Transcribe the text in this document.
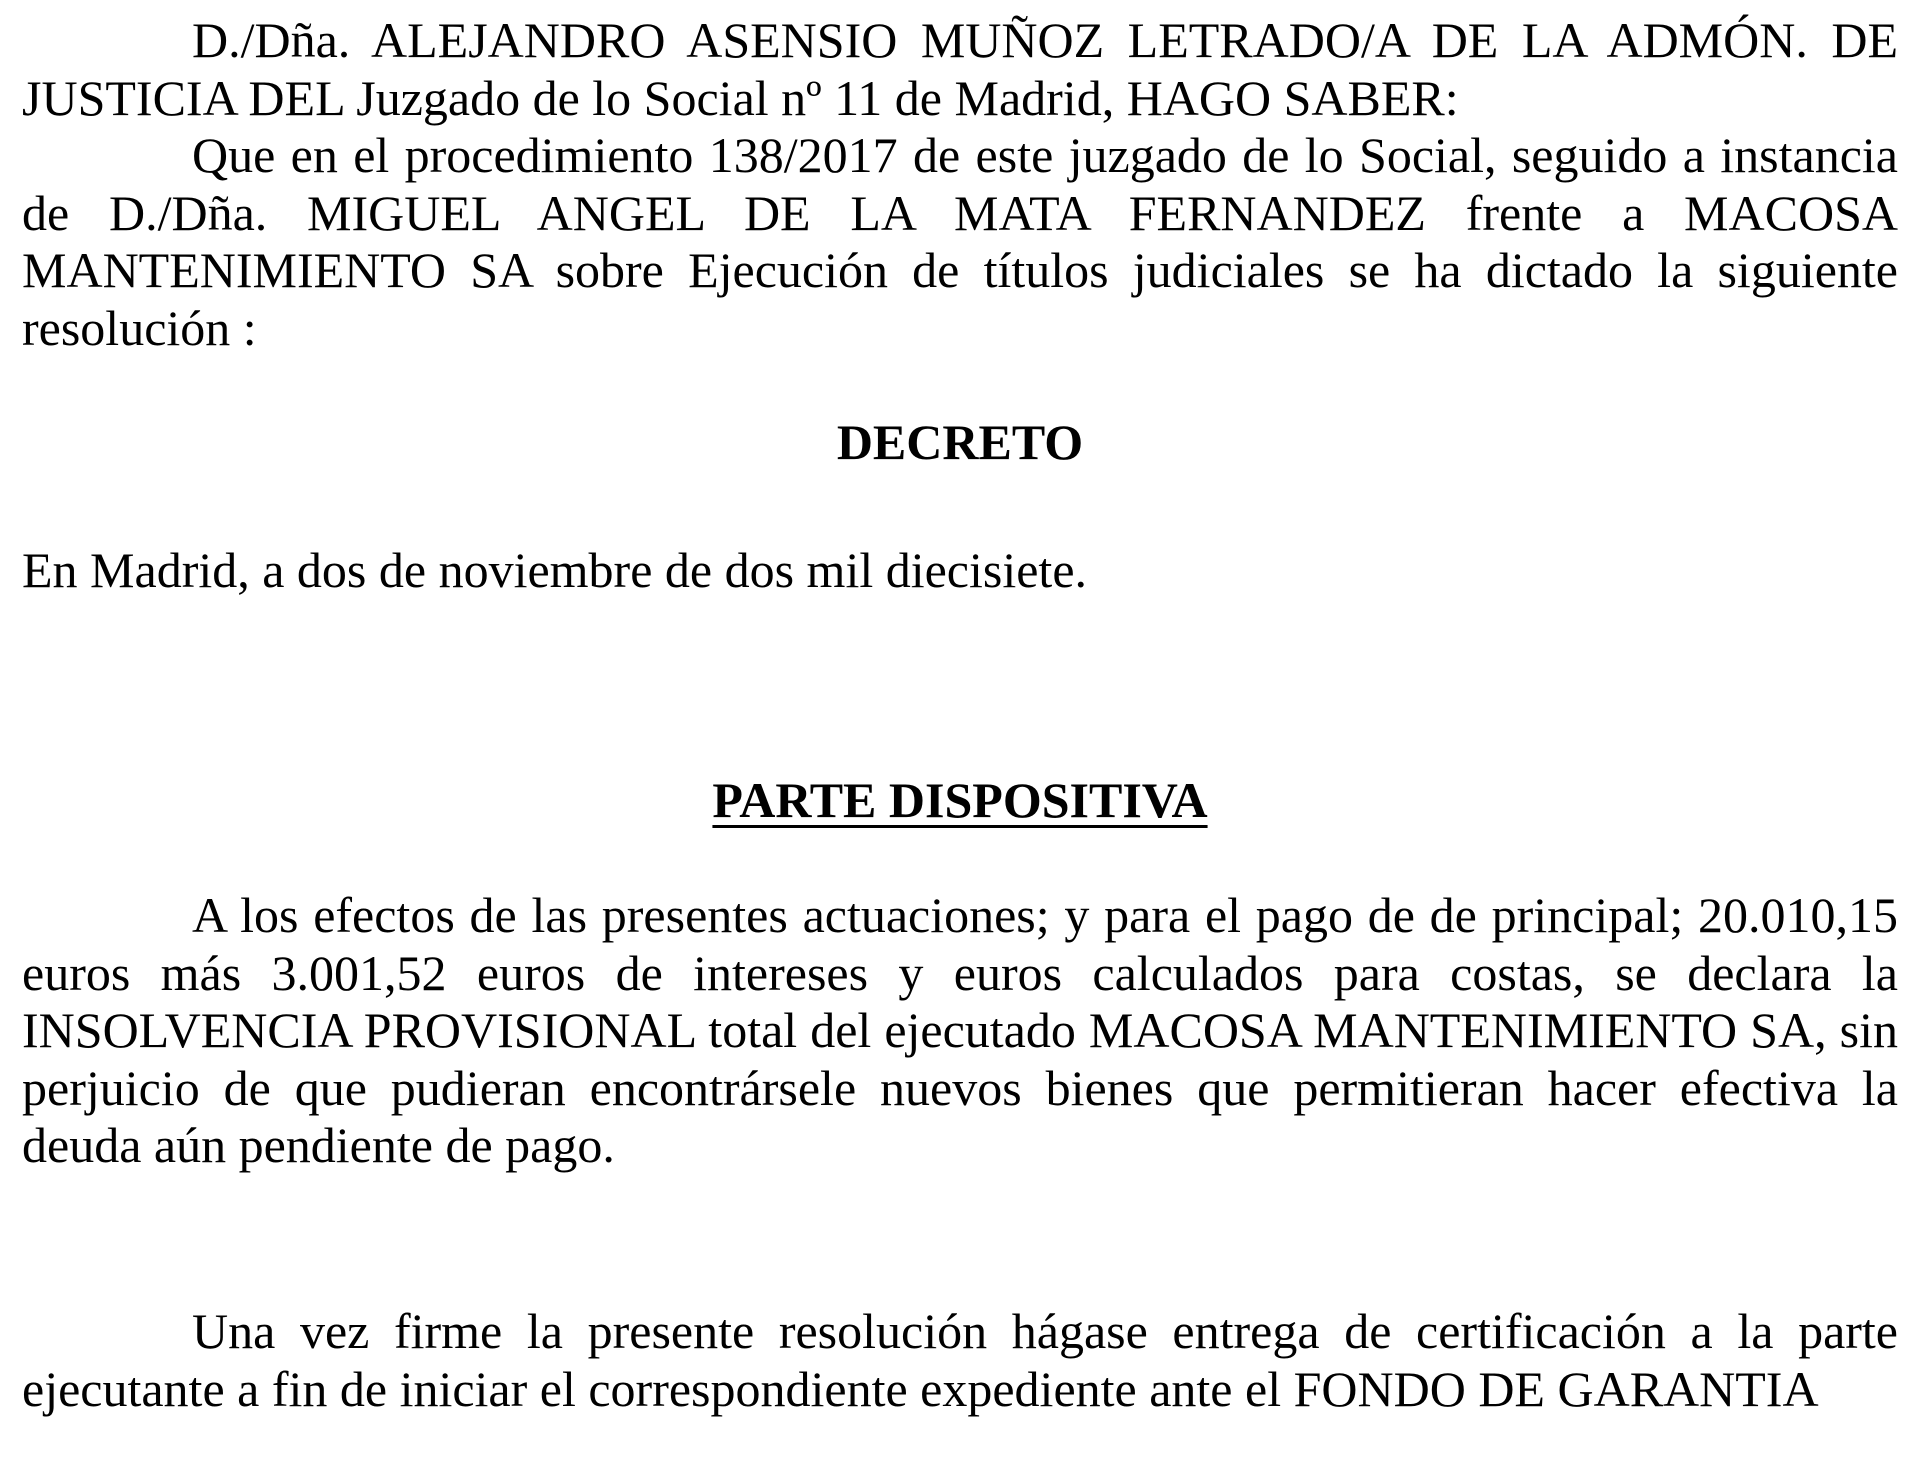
D./Dña. ALEJANDRO ASENSIO MUÑOZ LETRADO/A DE LA ADMÓN. DE JUSTICIA DEL Juzgado de lo Social nº 11 de Madrid, HAGO SABER:

Que en el procedimiento 138/2017 de este juzgado de lo Social, seguido a instancia de D./Dña. MIGUEL ANGEL DE LA MATA FERNANDEZ frente a MACOSA MANTENIMIENTO SA sobre Ejecución de títulos judiciales se ha dictado la siguiente resolución :

DECRETO

En Madrid, a dos de noviembre de dos mil diecisiete.

PARTE DISPOSITIVA

A los efectos de las presentes actuaciones; y para el pago de de principal; 20.010,15 euros más 3.001,52 euros de intereses y euros calculados para costas, se declara la INSOLVENCIA PROVISIONAL total del ejecutado MACOSA MANTENIMIENTO SA, sin perjuicio de que pudieran encontrársele nuevos bienes que permitieran hacer efectiva la deuda aún pendiente de pago.

Una vez firme la presente resolución hágase entrega de certificación a la parte ejecutante a fin de iniciar el correspondiente expediente ante el FONDO DE GARANTIA
